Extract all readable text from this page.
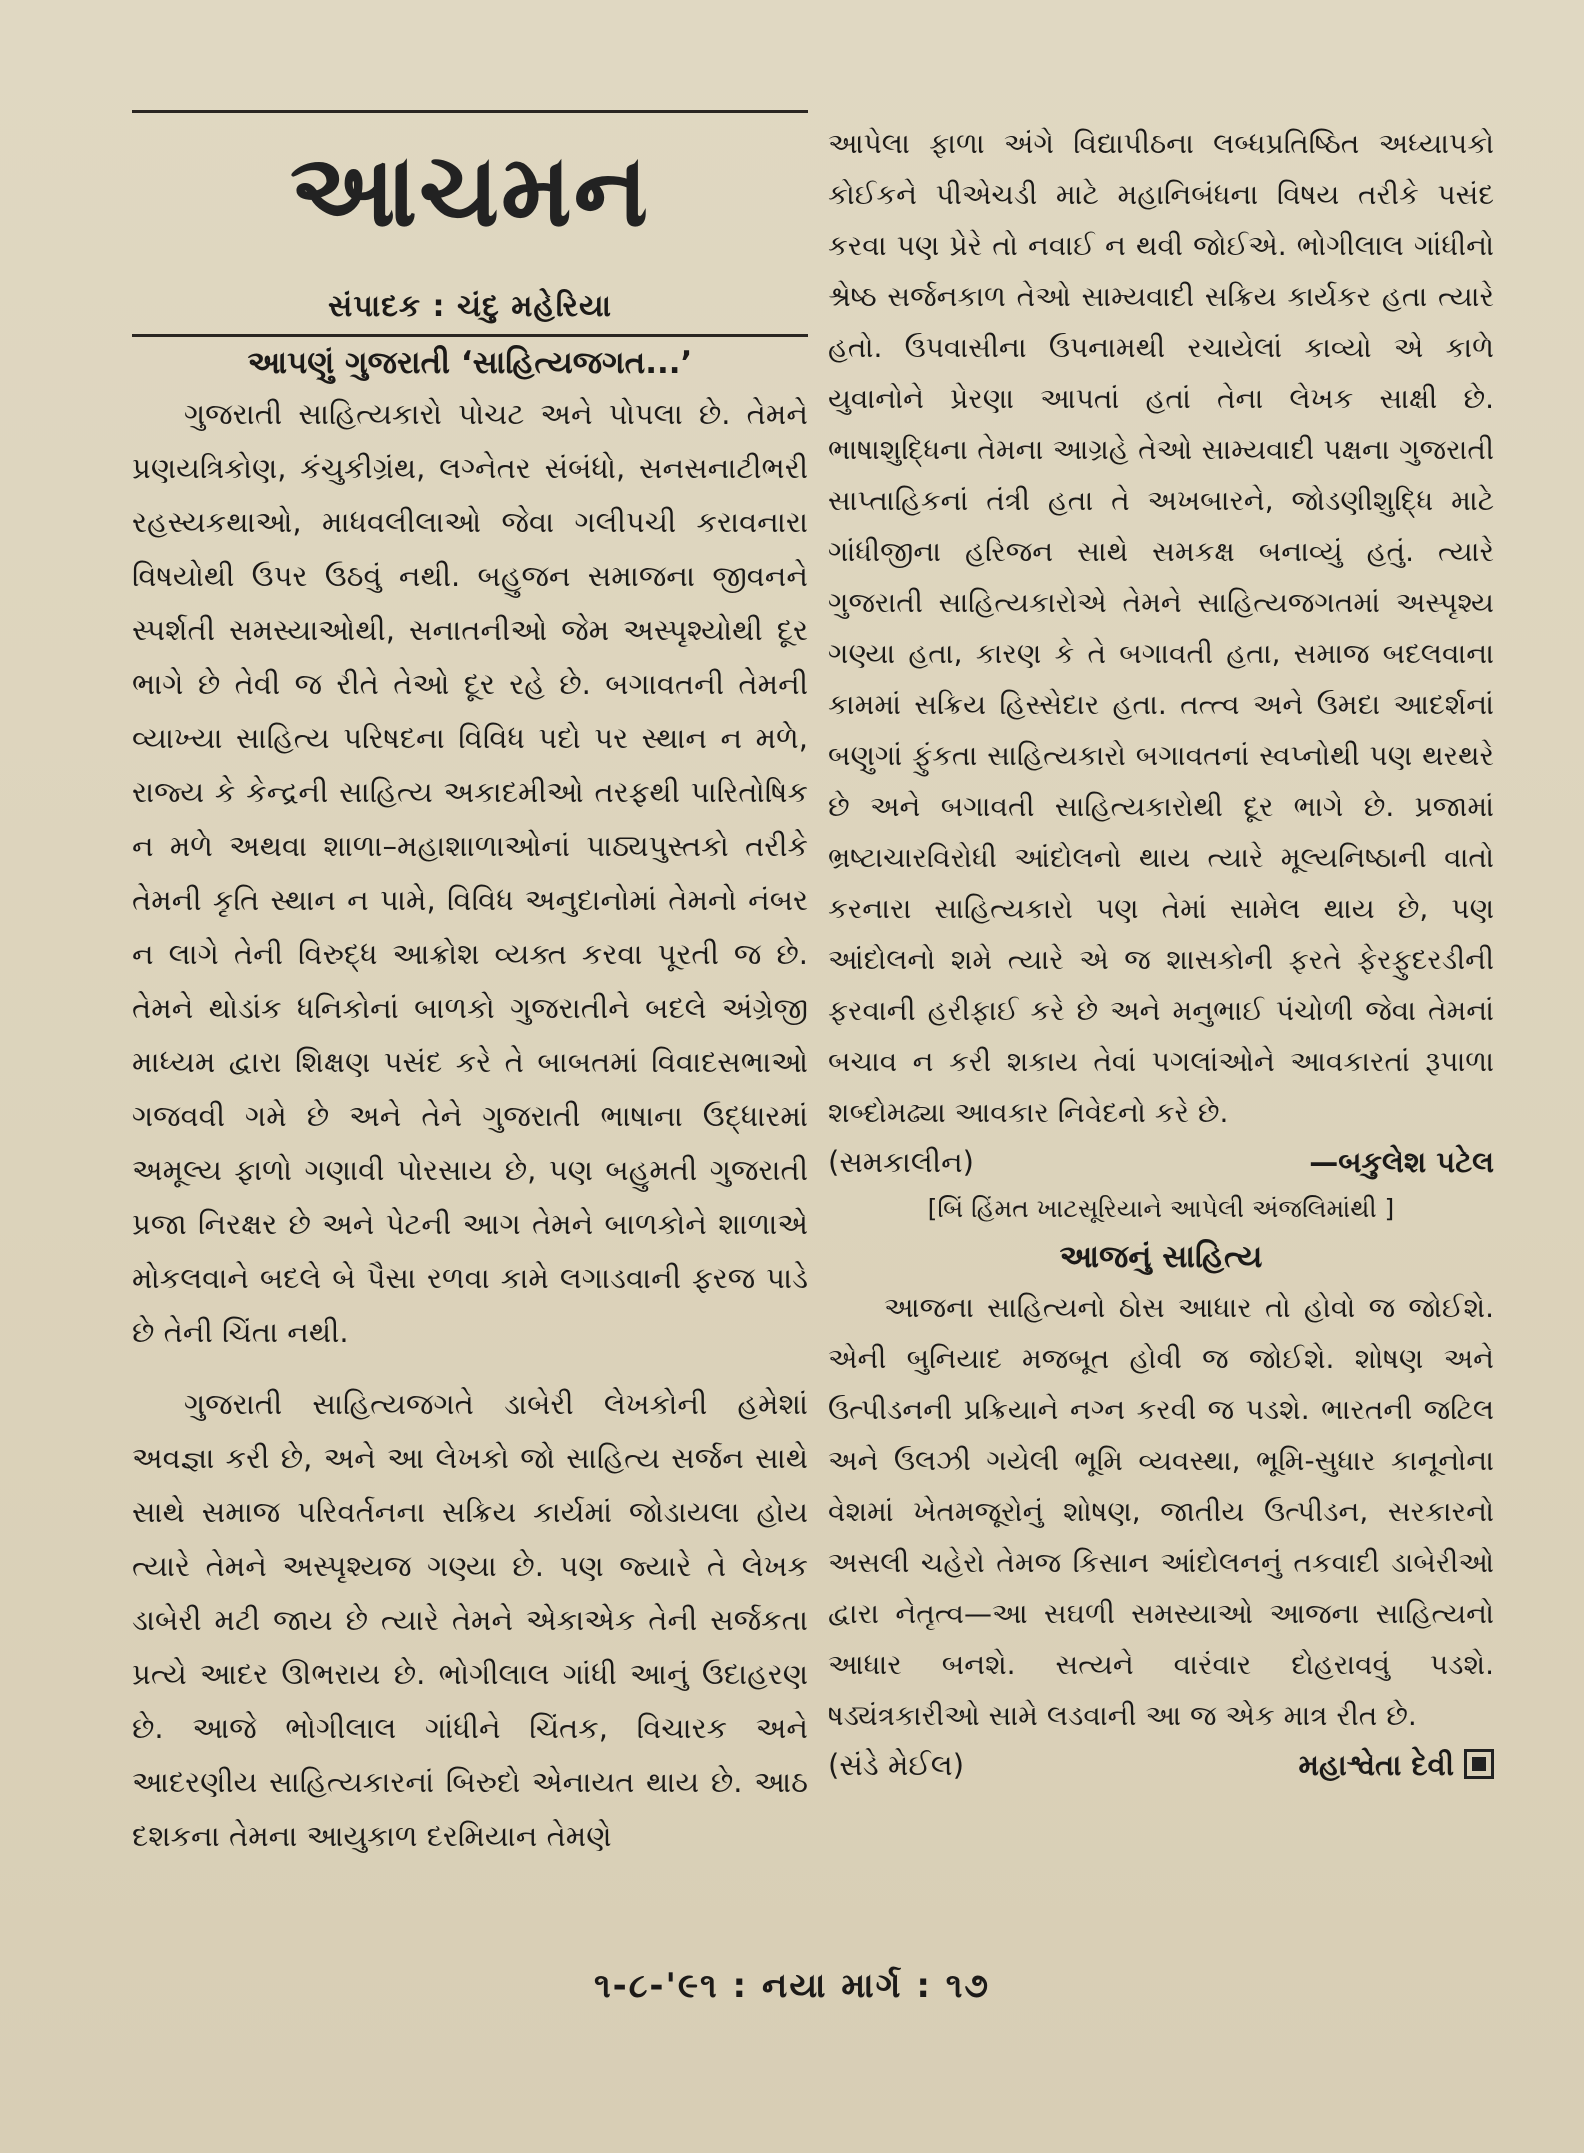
આચમન
સંપાદક : ચંદુ મહેરિયા
આપણું ગુજરાતી ‘સાહિત્યજગત...’

ગુજરાતી સાહિત્યકારો પોચટ અને પોપલા છે. તેમને પ્રણયત્રિકોણ, કંચુકીગ્રંથ, લગ્નેતર સંબંધો, સનસનાટીભરી રહસ્યકથાઓ, માધવલીલાઓ જેવા ગલીપચી કરાવનારા વિષયોથી ઉપર ઉઠવું નથી. બહુજન સમાજના જીવનને સ્પર્શતી સમસ્યાઓથી, સનાતનીઓ જેમ અસ્પૃશ્યોથી દૂર ભાગે છે તેવી જ રીતે તેઓ દૂર રહે છે. બગાવતની તેમની વ્યાખ્યા સાહિત્ય પરિષદના વિવિધ પદો પર સ્થાન ન મળે, રાજ્ય કે કેન્દ્રની સાહિત્ય અકાદમીઓ તરફથી પારિતોષિક ન મળે અથવા શાળા–મહાશાળાઓનાં પાઠ્યપુસ્તકો તરીકે તેમની કૃતિ સ્થાન ન પામે, વિવિધ અનુદાનોમાં તેમનો નંબર ન લાગે તેની વિરુદ્ધ આક્રોશ વ્યક્ત કરવા પૂરતી જ છે. તેમને થોડાંક ધનિકોનાં બાળકો ગુજરાતીને બદલે અંગ્રેજી માધ્યમ દ્વારા શિક્ષણ પસંદ કરે તે બાબતમાં વિવાદસભાઓ ગજવવી ગમે છે અને તેને ગુજરાતી ભાષાના ઉદ્ધારમાં અમૂલ્ય ફાળો ગણાવી પોરસાય છે, પણ બહુમતી ગુજરાતી પ્રજા નિરક્ષર છે અને પેટની આગ તેમને બાળકોને શાળાએ મોકલવાને બદલે બે પૈસા રળવા કામે લગાડવાની ફરજ પાડે છે તેની ચિંતા નથી.

ગુજરાતી સાહિત્યજગતે ડાબેરી લેખકોની હમેશાં અવજ્ઞા કરી છે, અને આ લેખકો જો સાહિત્ય સર્જન સાથે સાથે સમાજ પરિવર્તનના સક્રિય કાર્યમાં જોડાયલા હોય ત્યારે તેમને અસ્પૃશ્યજ ગણ્યા છે. પણ જ્યારે તે લેખક ડાબેરી મટી જાય છે ત્યારે તેમને એકાએક તેની સર્જકતા પ્રત્યે આદર ઊભરાય છે. ભોગીલાલ ગાંધી આનું ઉદાહરણ છે. આજે ભોગીલાલ ગાંધીને ચિંતક, વિચારક અને આદરણીય સાહિત્યકારનાં બિરુદો એનાયત થાય છે. આઠ દશકના તેમના આયુકાળ દરમિયાન તેમણે

આપેલા ફાળા અંગે વિદ્યાપીઠના લબ્ધપ્રતિષ્ઠિત અધ્યાપકો કોઈકને પીએચડી માટે મહાનિબંધના વિષય તરીકે પસંદ કરવા પણ પ્રેરે તો નવાઈ ન થવી જોઈએ. ભોગીલાલ ગાંધીનો શ્રેષ્ઠ સર્જનકાળ તેઓ સામ્યવાદી સક્રિય કાર્યકર હતા ત્યારે હતો. ઉપવાસીના ઉપનામથી રચાયેલાં કાવ્યો એ કાળે યુવાનોને પ્રેરણા આપતાં હતાં તેના લેખક સાક્ષી છે. ભાષાશુદ્ધિના તેમના આગ્રહે તેઓ સામ્યવાદી પક્ષના ગુજરાતી સાપ્તાહિકનાં તંત્રી હતા તે અખબારને, જોડણીશુદ્ધિ માટે ગાંધીજીના હરિજન સાથે સમકક્ષ બનાવ્યું હતું. ત્યારે ગુજરાતી સાહિત્યકારોએ તેમને સાહિત્યજગતમાં અસ્પૃશ્ય ગણ્યા હતા, કારણ કે તે બગાવતી હતા, સમાજ બદલવાના કામમાં સક્રિય હિસ્સેદાર હતા. તત્ત્વ અને ઉમદા આદર્શનાં બણુગાં ફુંકતા સાહિત્યકારો બગાવતનાં સ્વપ્નોથી પણ થરથરે છે અને બગાવતી સાહિત્યકારોથી દૂર ભાગે છે. પ્રજામાં ભ્રષ્ટાચારવિરોધી આંદોલનો થાય ત્યારે મૂલ્યનિષ્ઠાની વાતો કરનારા સાહિત્યકારો પણ તેમાં સામેલ થાય છે, પણ આંદોલનો શમે ત્યારે એ જ શાસકોની ફરતે ફેરફુદરડીની ફરવાની હરીફાઈ કરે છે અને મનુભાઈ પંચોળી જેવા તેમનાં બચાવ ન કરી શકાય તેવાં પગલાંઓને આવકારતાં રૂપાળા શબ્દોમઢ્યા આવકાર નિવેદનો કરે છે.

(સમકાલીન)	—બકુલેશ પટેલ
[બિં હિંમત ખાટસૂરિયાને આપેલી અંજલિમાંથી ]
આજનું સાહિત્ય

આજના સાહિત્યનો ઠોસ આધાર તો હોવો જ જોઈશે. એની બુનિયાદ મજબૂત હોવી જ જોઈશે. શોષણ અને ઉત્પીડનની પ્રક્રિયાને નગ્ન કરવી જ પડશે. ભારતની જટિલ અને ઉલઝી ગયેલી ભૂમિ વ્યવસ્થા, ભૂમિ-સુધાર કાનૂનોના વેશમાં ખેતમજૂરોનું શોષણ, જાતીય ઉત્પીડન, સરકારનો અસલી ચહેરો તેમજ કિસાન આંદોલનનું તકવાદી ડાબેરીઓ દ્વારા નેતૃત્વ—આ સઘળી સમસ્યાઓ આજના સાહિત્યનો આધાર બનશે. સત્યને વારંવાર દોહરાવવું પડશે. ષડ્યંત્રકારીઓ સામે લડવાની આ જ એક માત્ર રીત છે.

(સંડે મેઈલ)	મહાશ્વેતા દેવી
૧-૮-'૯૧ : નયા માર્ગ : ૧૭
